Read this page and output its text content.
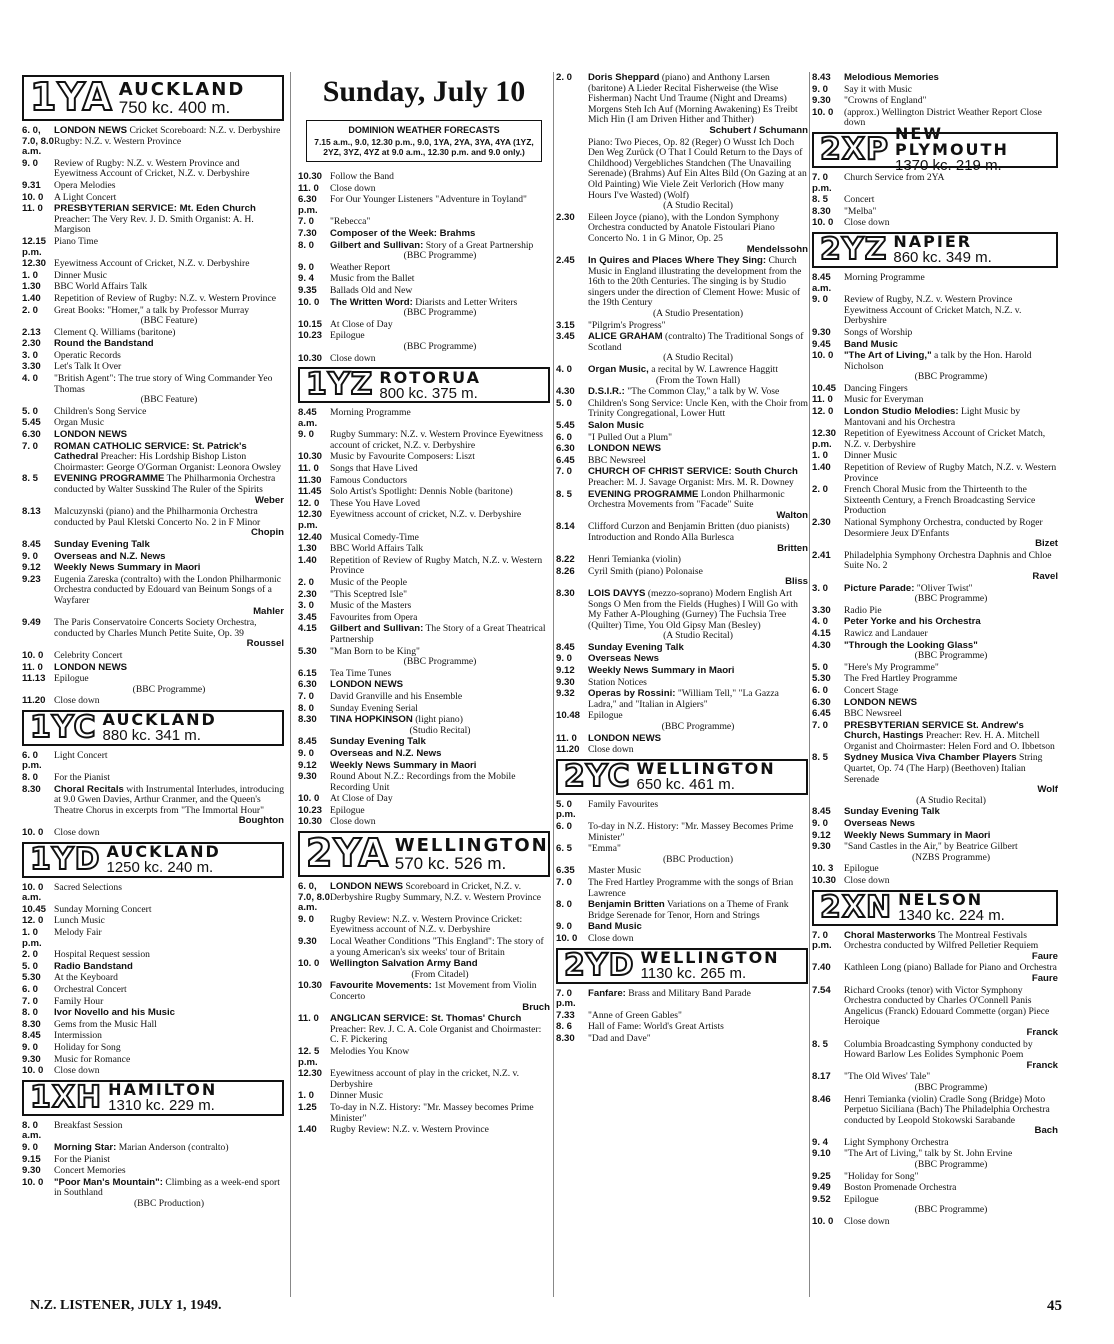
1YA AUCKLAND
750 kc. 400 m.
6. 0, 7.0, 8.0 a.m.
LONDON NEWS Cricket Scoreboard: N.Z. v. Derbyshire Rugby: N.Z. v. Western Province
9. 0	Review of Rugby: N.Z. v. Western Province and Eyewitness Account of Cricket, N.Z. v. Derbyshire
9.31	Opera Melodies
10. 0	A Light Concert
11. 0	PRESBYTERIAN SERVICE: Mt. Eden Church Preacher: The Very Rev. J. D. Smith Organist: A. H. Margison
12.15 p.m.
Piano Time
12.30 Eyewitness Account of Cricket, N.Z. v. Derbyshire
1. 0	Dinner Music
1.30	BBC World Affairs Talk
1.40	Repetition of Review of Rugby: N.Z. v. Western Province
2. 0	Great Books: "Homer," a talk by Professor Murray
(BBC Feature)
2.13	Clement Q. Williams (baritone)
2.30	Round the Bandstand
3. 0	Operatic Records
3.30	Let's Talk It Over
4. 0	"British Agent": The true story of Wing Commander Yeo Thomas
(BBC Feature)
5. 0	Children's Song Service
5.45	Organ Music
6.30	LONDON NEWS
7. 0	ROMAN CATHOLIC SERVICE: St. Patrick's Cathedral Preacher: His Lordship Bishop Liston Choirmaster: George O'Gorman Organist: Leonora Owsley
8. 5	EVENING PROGRAMME The Philharmonia Orchestra conducted by Walter Susskind The Ruler of the Spirits
Weber
8.13	Malcuzynski (piano) and the Philharmonia Orchestra conducted by Paul Kletski Concerto No. 2 in F Minor
Chopin
8.45	Sunday Evening Talk
9. 0	Overseas and N.Z. News
9.12	Weekly News Summary in Maori
9.23	Eugenia Zareska (contralto) with the London Philharmonic Orchestra conducted by Edouard van Beinum Songs of a Wayfarer
Mahler
9.49	The Paris Conservatoire Concerts Society Orchestra, conducted by Charles Munch Petite Suite, Op. 39
Roussel
10. 0	Celebrity Concert
11. 0	LONDON NEWS
11.13 Epilogue
(BBC Programme)
11.20 Close down
1YC AUCKLAND
880 kc. 341 m.
6. 0 p.m.
Light Concert
8. 0	For the Pianist
8.30	Choral Recitals with Instrumental Interludes, introducing at 9.0 Gwen Davies, Arthur Cranmer, and the Queen's Theatre Chorus in excerpts from "The Immortal Hour"
Boughton
10. 0	Close down
1YD AUCKLAND
1250 kc. 240 m.
10. 0 a.m.
Sacred Selections
10.45 Sunday Morning Concert
12. 0	Lunch Music
1. 0 p.m.
Melody Fair
2. 0	Hospital Request session
5. 0	Radio Bandstand
5.30	At the Keyboard
6. 0	Orchestral Concert
7. 0	Family Hour
8. 0	Ivor Novello and his Music
8.30	Gems from the Music Hall
8.45	Intermission
9. 0	Holiday for Song
9.30	Music for Romance
10. 0	Close down
1XH HAMILTON
1310 kc. 229 m.
8. 0 a.m.
Breakfast Session
9. 0	Morning Star: Marian Anderson (contralto)
9.15	For the Pianist
9.30	Concert Memories
10. 0	"Poor Man's Mountain": Climbing as a week-end sport in Southland
(BBC Production)
Sunday, July 10
DOMINION WEATHER FORECASTS
7.15 a.m., 9.0, 12.30 p.m., 9.0, 1YA, 2YA, 3YA, 4YA (1YZ, 2YZ, 3YZ, 4YZ at 9.0 a.m., 12.30 p.m. and 9.0 only.)
10.30 Follow the Band
11. 0	Close down
6.30 p.m.
For Our Younger Listeners "Adventure in Toyland"
7. 0	"Rebecca"
7.30	Composer of the Week: Brahms
8. 0	Gilbert and Sullivan: Story of a Great Partnership
(BBC Programme)
9. 0	Weather Report
9. 4	Music from the Ballet
9.35	Ballads Old and New
10. 0	The Written Word: Diarists and Letter Writers
(BBC Programme)
10.15 At Close of Day
10.23 Epilogue
(BBC Programme)
10.30 Close down
1YZ ROTORUA
800 kc. 375 m.
8.45 a.m.
Morning Programme
9. 0	Rugby Summary: N.Z. v. Western Province Eyewitness account of cricket, N.Z. v. Derbyshire
10.30 Music by Favourite Composers: Liszt
11. 0	Songs that Have Lived
11.30 Famous Conductors
11.45 Solo Artist's Spotlight: Dennis Noble (baritone)
12. 0	These You Have Loved
12.30 p.m.
Eyewitness account of cricket, N.Z. v. Derbyshire
12.40 Musical Comedy-Time
1.30	BBC World Affairs Talk
1.40	Repetition of Review of Rugby Match, N.Z. v. Western Province
2. 0	Music of the People
2.30	"This Sceptred Isle"
3. 0	Music of the Masters
3.45	Favourites from Opera
4.15	Gilbert and Sullivan: The Story of a Great Theatrical Partnership
5.30	"Man Born to be King"
(BBC Programme)
6.15	Tea Time Tunes
6.30	LONDON NEWS
7. 0	David Granville and his Ensemble
8. 0	Sunday Evening Serial
8.30	TINA HOPKINSON (light piano)
(Studio Recital)
8.45	Sunday Evening Talk
9. 0	Overseas and N.Z. News
9.12	Weekly News Summary in Maori
9.30	Round About N.Z.: Recordings from the Mobile Recording Unit
10. 0	At Close of Day
10.23 Epilogue
10.30 Close down
2YA WELLINGTON
570 kc. 526 m.
6. 0, 7.0, 8.0 a.m.
LONDON NEWS Scoreboard in Cricket, N.Z. v. Derbyshire Rugby Summary, N.Z. v. Western Province
9. 0	Rugby Review: N.Z. v. Western Province Cricket: Eyewitness account of N.Z. v. Derbyshire
9.30	Local Weather Conditions "This England": The story of a young American's six weeks' tour of Britain
10. 0	Wellington Salvation Army Band
(From Citadel)
10.30 Favourite Movements: 1st Movement from Violin Concerto
Bruch
11. 0	ANGLICAN SERVICE: St. Thomas' Church Preacher: Rev. J. C. A. Cole Organist and Choirmaster: C. F. Pickering
12. 5 p.m.
Melodies You Know
12.30 Eyewitness account of play in the cricket, N.Z. v. Derbyshire
1. 0	Dinner Music
1.25	To-day in N.Z. History: "Mr. Massey becomes Prime Minister"
1.40	Rugby Review: N.Z. v. Western Province
2. 0	Doris Sheppard (piano) and Anthony Larsen (baritone) A Lieder Recital Fisherweise (the Wise Fisherman) Nacht Und Traume (Night and Dreams) Morgens Steh Ich Auf (Morning Awakening) Es Treibt Mich Hin (I am Driven Hither and Thither)
Schubert / Schumann
Piano: Two Pieces, Op. 82 (Reger) O Wusst Ich Doch Den Weg Zurück (O That I Could Return to the Days of Childhood) Vergebliches Standchen (The Unavailing Serenade) (Brahms) Auf Ein Altes Bild (On Gazing at an Old Painting) Wie Viele Zeit Verlorich (How many Hours I've Wasted) (Wolf)
(A Studio Recital)
2.30	Eileen Joyce (piano), with the London Symphony Orchestra conducted by Anatole Fistoulari Piano Concerto No. 1 in G Minor, Op. 25
Mendelssohn
2.45	In Quires and Places Where They Sing: Church Music in England illustrating the development from the 16th to the 20th Centuries. The singing is by Studio singers under the direction of Clement Howe: Music of the 19th Century
(A Studio Presentation)
3.15	"Pilgrim's Progress"
3.45	ALICE GRAHAM (contralto) The Traditional Songs of Scotland
(A Studio Recital)
4. 0	Organ Music, a recital by W. Lawrence Haggitt
(From the Town Hall)
4.30	D.S.I.R.: "The Common Clay," a talk by W. Vose
5. 0	Children's Song Service: Uncle Ken, with the Choir from Trinity Congregational, Lower Hutt
5.45	Salon Music
6. 0	"I Pulled Out a Plum"
6.30	LONDON NEWS
6.45	BBC Newsreel
7. 0	CHURCH OF CHRIST SERVICE: South Church Preacher: M. J. Savage Organist: Mrs. M. R. Downey
8. 5	EVENING PROGRAMME London Philharmonic Orchestra Movements from "Facade" Suite
Walton
8.14	Clifford Curzon and Benjamin Britten (duo pianists) Introduction and Rondo Alla Burlesca
Britten
8.22	Henri Temianka (violin)
8.26	Cyril Smith (piano) Polonaise
Bliss
8.30	LOIS DAVYS (mezzo-soprano) Modern English Art Songs O Men from the Fields (Hughes) I Will Go with My Father A-Ploughing (Gurney) The Fuchsia Tree (Quilter) Time, You Old Gipsy Man (Besley)
(A Studio Recital)
8.45	Sunday Evening Talk
9. 0	Overseas News
9.12	Weekly News Summary in Maori
9.30	Station Notices
9.32	Operas by Rossini: "William Tell," "La Gazza Ladra," and "Italian in Algiers"
10.48 Epilogue
(BBC Programme)
11. 0	LONDON NEWS
11.20 Close down
2YC WELLINGTON
650 kc. 461 m.
5. 0 p.m.
Family Favourites
6. 0	To-day in N.Z. History: "Mr. Massey Becomes Prime Minister"
6. 5	"Emma"
(BBC Production)
6.35	Master Music
7. 0	The Fred Hartley Programme with the songs of Brian Lawrence
8. 0	Benjamin Britten Variations on a Theme of Frank Bridge Serenade for Tenor, Horn and Strings
9. 0	Band Music
10. 0	Close down
2YD WELLINGTON
1130 kc. 265 m.
7. 0 p.m.
Fanfare: Brass and Military Band Parade
7.33	"Anne of Green Gables"
8. 6	Hall of Fame: World's Great Artists
8.30	"Dad and Dave"
8.43	Melodious Memories
9. 0	Say it with Music
9.30	"Crowns of England"
10. 0	(approx.) Wellington District Weather Report Close down
2XP NEW PLYMOUTH
1370 kc. 219 m.
7. 0 p.m.
Church Service from 2YA
8. 5	Concert
8.30	"Melba"
10. 0	Close down
2YZ NAPIER
860 kc. 349 m.
8.45 a.m.
Morning Programme
9. 0	Review of Rugby, N.Z. v. Western Province Eyewitness Account of Cricket Match, N.Z. v. Derbyshire
9.30	Songs of Worship
9.45	Band Music
10. 0	"The Art of Living," a talk by the Hon. Harold Nicholson
(BBC Programme)
10.45 Dancing Fingers
11. 0	Music for Everyman
12. 0	London Studio Melodies: Light Music by Mantovani and his Orchestra
12.30 p.m.
Repetition of Eyewitness Account of Cricket Match, N.Z. v. Derbyshire
1. 0	Dinner Music
1.40	Repetition of Review of Rugby Match, N.Z. v. Western Province
2. 0	French Choral Music from the Thirteenth to the Sixteenth Century, a French Broadcasting Service Production
2.30	National Symphony Orchestra, conducted by Roger Desormiere Jeux D'Enfants
Bizet
2.41	Philadelphia Symphony Orchestra Daphnis and Chloe Suite No. 2
Ravel
3. 0	Picture Parade: "Oliver Twist"
(BBC Programme)
3.30	Radio Pie
4. 0	Peter Yorke and his Orchestra
4.15	Rawicz and Landauer
4.30	"Through the Looking Glass"
(BBC Programme)
5. 0	"Here's My Programme"
5.30	The Fred Hartley Programme
6. 0	Concert Stage
6.30	LONDON NEWS
6.45	BBC Newsreel
7. 0	PRESBYTERIAN SERVICE St. Andrew's Church, Hastings Preacher: Rev. H. A. Mitchell Organist and Choirmaster: Helen Ford and O. Ibbetson
8. 5	Sydney Musica Viva Chamber Players String Quartet, Op. 74 (The Harp) (Beethoven) Italian Serenade
Wolf
(A Studio Recital)
8.45	Sunday Evening Talk
9. 0	Overseas News
9.12	Weekly News Summary in Maori
9.30	"Sand Castles in the Air," by Beatrice Gilbert
(NZBS Programme)
10. 3	Epilogue
10.30 Close down
2XN NELSON
1340 kc. 224 m.
7. 0 p.m.
Choral Masterworks The Montreal Festivals Orchestra conducted by Wilfred Pelletier Requiem
Faure
7.40	Kathleen Long (piano) Ballade for Piano and Orchestra
Faure
7.54	Richard Crooks (tenor) with Victor Symphony Orchestra conducted by Charles O'Connell Panis Angelicus (Franck) Edouard Commette (organ) Piece Heroique
Franck
8. 5	Columbia Broadcasting Symphony conducted by Howard Barlow Les Eolides Symphonic Poem
Franck
8.17	"The Old Wives' Tale"
(BBC Programme)
8.46	Henri Temianka (violin) Cradle Song (Bridge) Moto Perpetuo Siciliana (Bach) The Philadelphia Orchestra conducted by Leopold Stokowski Sarabande
Bach
9. 4	Light Symphony Orchestra
9.10	"The Art of Living," talk by St. John Ervine
(BBC Programme)
9.25	"Holiday for Song"
9.49	Boston Promenade Orchestra
9.52	Epilogue
(BBC Programme)
10. 0	Close down
N.Z. LISTENER, JULY 1, 1949.	45
